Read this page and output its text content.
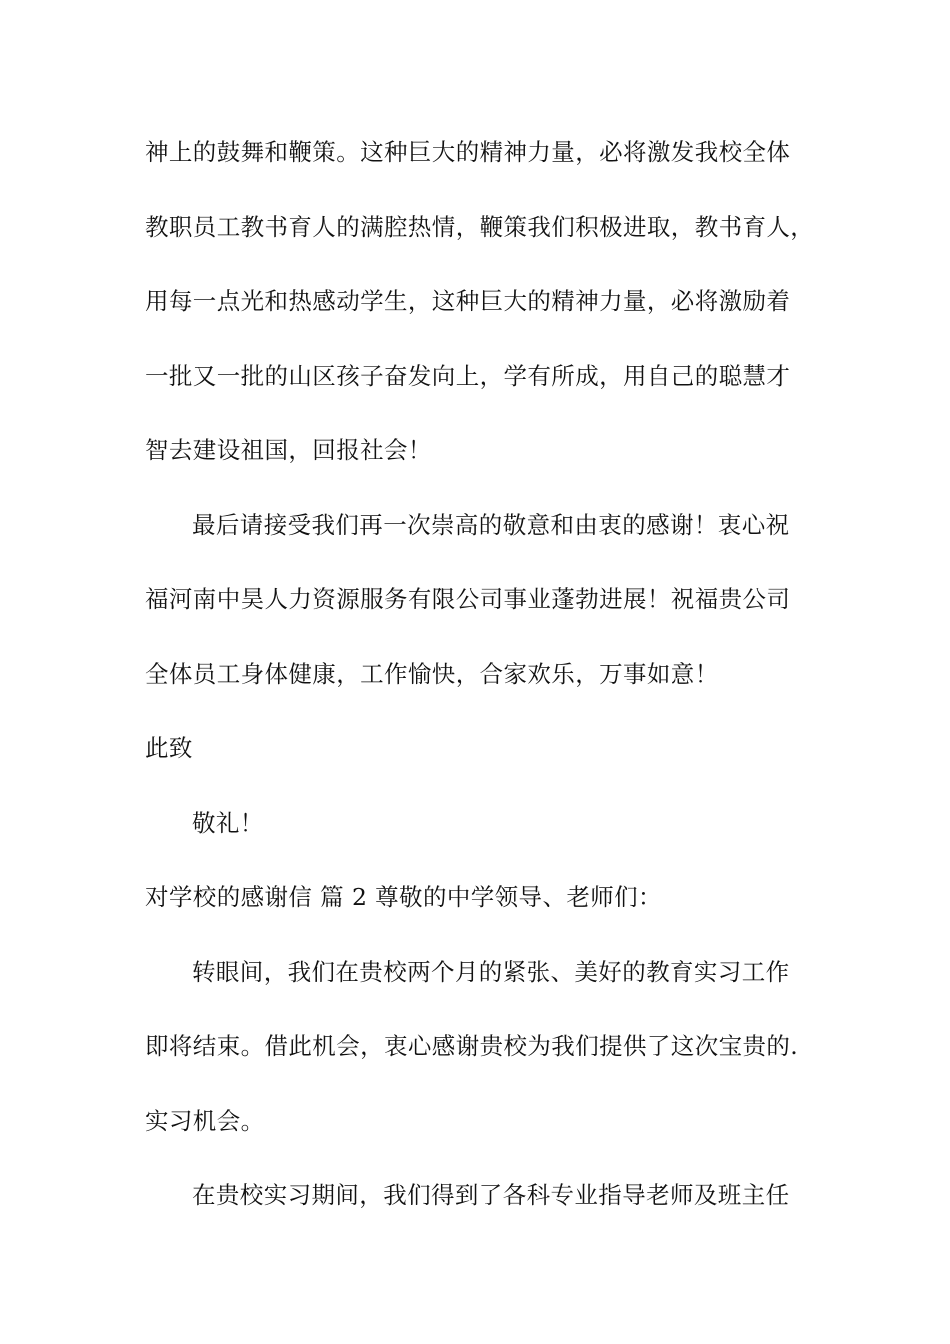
神上的鼓舞和鞭策。这种巨大的精神力量，必将激发我校全体
教职员工教书育人的满腔热情，鞭策我们积极进取，教书育人，
用每一点光和热感动学生，这种巨大的精神力量，必将激励着
一批又一批的山区孩子奋发向上，学有所成，用自己的聪慧才
智去建设祖国，回报社会！
最后请接受我们再一次崇高的敬意和由衷的感谢！衷心祝
福河南中昊人力资源服务有限公司事业蓬勃进展！祝福贵公司
全体员工身体健康，工作愉快，合家欢乐，万事如意！
此致
敬礼！
对学校的感谢信 篇 2 尊敬的中学领导、老师们：
转眼间，我们在贵校两个月的紧张、美好的教育实习工作
即将结束。借此机会，衷心感谢贵校为我们提供了这次宝贵的.
实习机会。
在贵校实习期间，我们得到了各科专业指导老师及班主任
